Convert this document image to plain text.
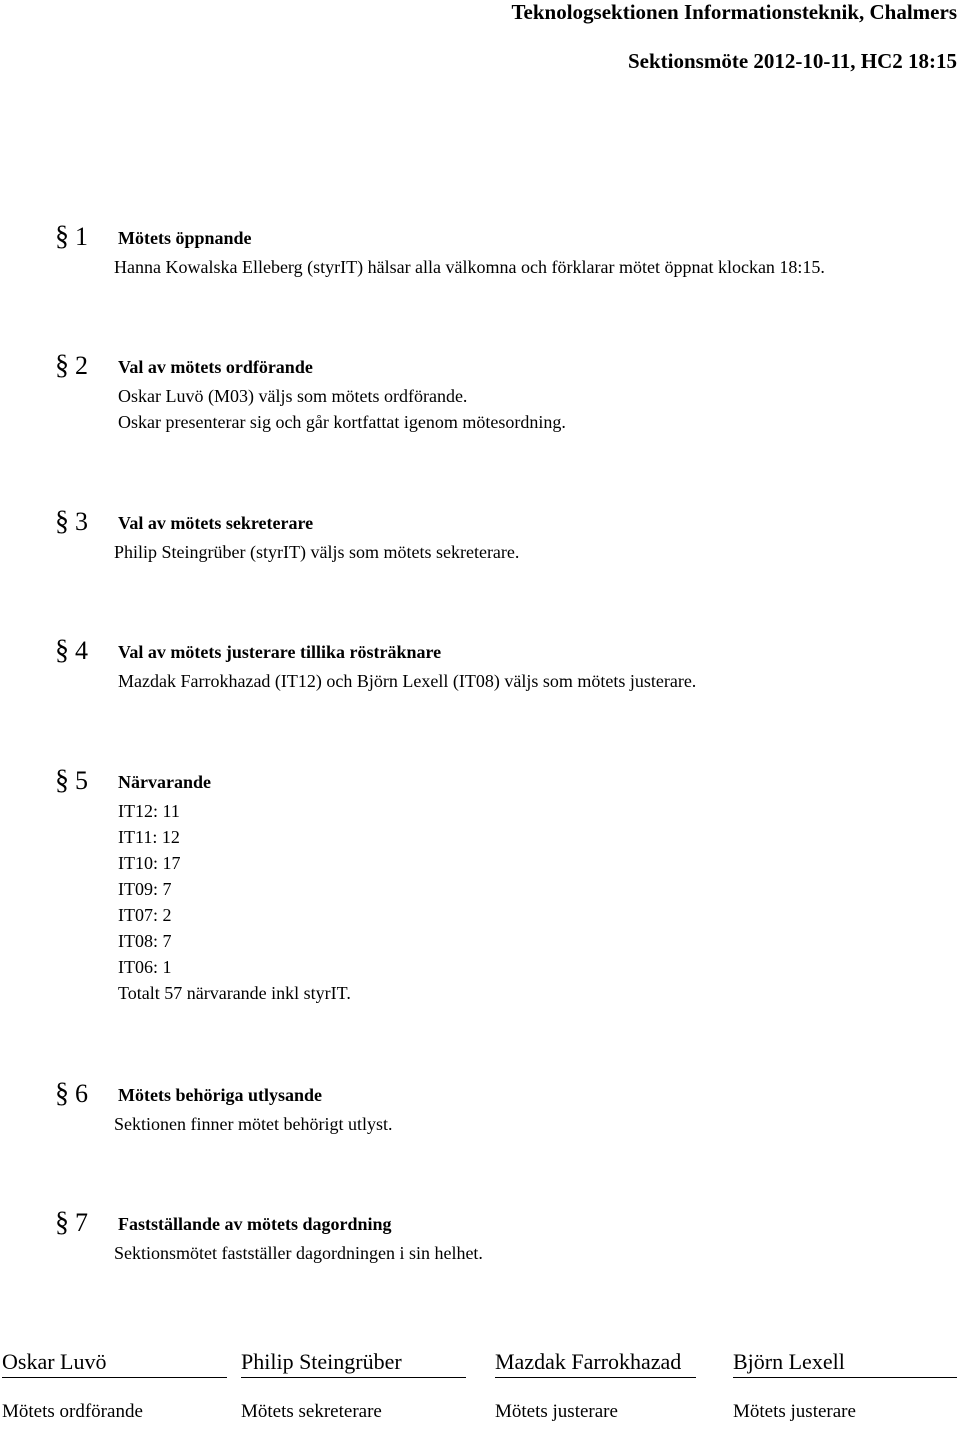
Teknologsektionen Informationsteknik, Chalmers
Sektionsmöte 2012-10-11, HC2 18:15
§ 1 Mötets öppnande
Hanna Kowalska Elleberg (styrIT) hälsar alla välkomna och förklarar mötet öppnat klockan 18:15.
§ 2 Val av mötets ordförande
Oskar Luvö (M03) väljs som mötets ordförande.
Oskar presenterar sig och går kortfattat igenom mötesordning.
§ 3 Val av mötets sekreterare
Philip Steingrüber (styrIT) väljs som mötets sekreterare.
§ 4 Val av mötets justerare tillika rösträknare
Mazdak Farrokhazad (IT12) och Björn Lexell (IT08) väljs som mötets justerare.
§ 5 Närvarande
IT12: 11
IT11: 12
IT10: 17
IT09: 7
IT07: 2
IT08: 7
IT06: 1
Totalt 57 närvarande inkl styrIT.
§ 6 Mötets behöriga utlysande
Sektionen finner mötet behörigt utlyst.
§ 7 Fastställande av mötets dagordning
Sektionsmötet fastställer dagordningen i sin helhet.
Oskar Luvö
Mötets ordförande
Philip Steingrüber
Mötets sekreterare
Mazdak Farrokhazad
Mötets justerare
Björn Lexell
Mötets justerare
